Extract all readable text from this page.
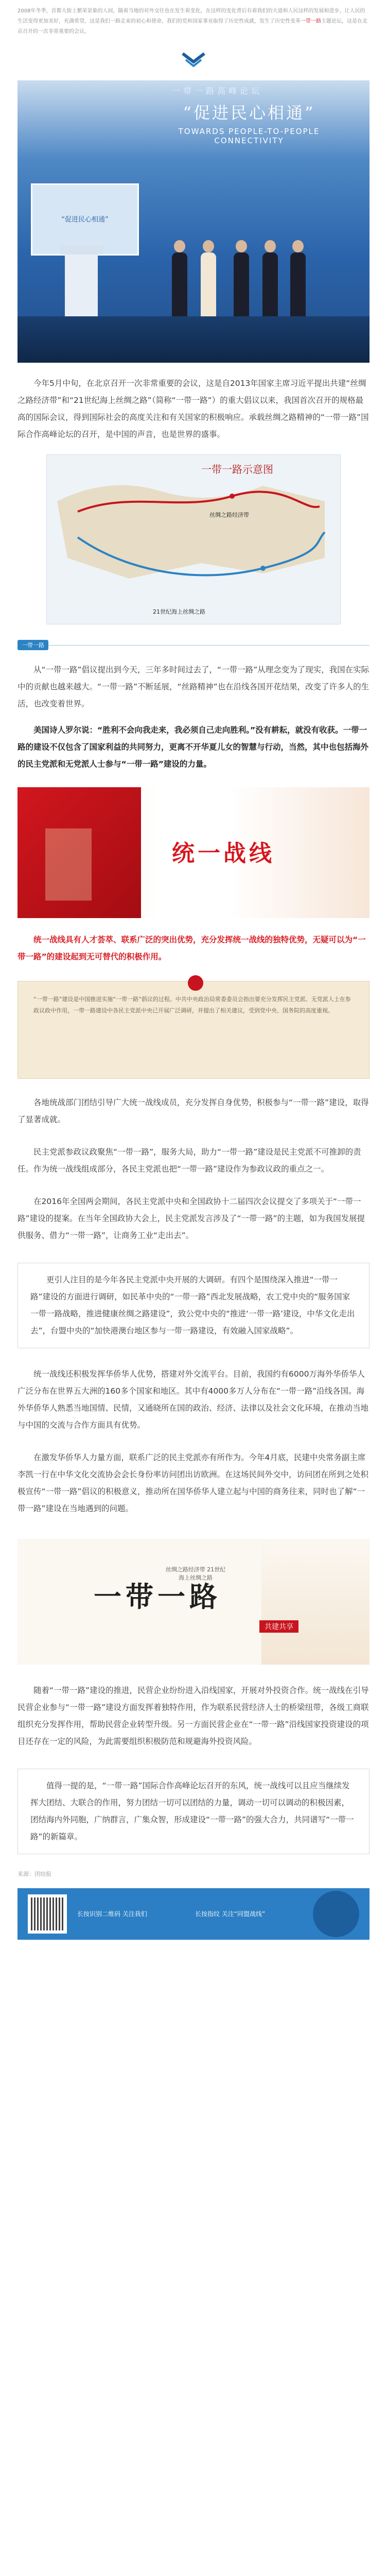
2008年冬季，首都大街上繁荣景象的人间，随着当地的对外交往也在发生着变化，在这样的变化背后有着我们的大道和人民这样的发展和进步，让人民的生活变得更加美好，充满希望，这是我们一路走来的初心和使命，我们的党和国家事业取得了历史性成就，发生了历史性变革一带一路主题论坛，这是在北京召开的一次非常重要的会议。
一带一路高峰论坛
“促进民心相通”
TOWARDS PEOPLE-TO-PEOPLE CONNECTIVITY
“促进民心相通”

今年5月中旬，在北京召开一次非常重要的会议，这是自2013年国家主席习近平提出共建“丝绸之路经济带”和“21世纪海上丝绸之路”（简称“一带一路”）的重大倡议以来，我国首次召开的规格最高的国际会议，得到国际社会的高度关注和有关国家的积极响应。承载丝绸之路精神的“一带一路”国际合作高峰论坛的召开，是中国的声音，也是世界的盛事。

一带一路示意图
丝绸之路经济带
21世纪海上丝绸之路
一带一路

从“一带一路”倡议提出到今天，三年多时间过去了，“一带一路”从理念变为了现实，我国在实际中的贡献也越来越大。“一带一路”不断延展，“丝路精神”也在沿线各国开花结果，改变了许多人的生活，也改变着世界。

美国诗人罗尔说：“胜利不会向我走来，我必须自己走向胜利。”没有耕耘，就没有收获。一带一路的建设不仅包含了国家利益的共同努力，更离不开华夏儿女的智慧与行动，当然，其中也包括海外的民主党派和无党派人士参与“一带一路”建设的力量。

统一战线

统一战线具有人才荟萃、联系广泛的突出优势，充分发挥统一战线的独特优势，无疑可以为“一带一路”的建设起到无可替代的积极作用。

“一带一路”建设是中国推进实施“一带一路”倡议的过程。中共中央政治局常委委员会指出要充分发挥民主党派、无党派人士在参政议政中作用，一带一路建设中各民主党派中央已开展广泛调研，并提出了相关建议，受到党中央、国务院的高度重视。

各地统战部门团结引导广大统一战线成员，充分发挥自身优势，积极参与“一带一路”建设，取得了显著成就。

民主党派参政议政聚焦“一带一路”，服务大局，助力“一带一路”建设是民主党派不可推卸的责任。作为统一战线组成部分，各民主党派也把“一带一路”建设作为参政议政的重点之一。

在2016年全国两会期间，各民主党派中央和全国政协十二届四次会议提交了多项关于“一带一路”建设的提案。在当年全国政协大会上，民主党派发言涉及了“一带一路”的主题，如为我国发展提供服务、借力“一带一路”，让商务工业“走出去”。

更引人注目的是今年各民主党派中央开展的大调研。有四个是围绕深入推进“一带一路”建设的方面进行调研，如民革中央的“一带一路”西北发展战略，农工党中央的“服务国家一带一路战略，推进健康丝绸之路建设”，致公党中央的“推进‘一带一路’建设，中华文化走出去”，台盟中央的“加快港澳台地区参与一带一路建设，有效融入国家战略”。

统一战线还积极发挥华侨华人优势，搭建对外交流平台。目前，我国约有6000万海外华侨华人广泛分布在世界五大洲的160多个国家和地区。其中有4000多万人分布在“一带一路”沿线各国。海外华侨华人熟悉当地国情、民情，又通晓所在国的政治、经济、法律以及社会文化环境，在推动当地与中国的交流与合作方面具有优势。

在激发华侨华人力量方面，联系广泛的民主党派亦有所作为。今年4月底，民建中央常务副主席李凯一行在中华文化交流协会会长身份率访问团出访欧洲。在这场民间外交中，访问团在所到之处积极宣传“一带一路”倡议的积极意义，推动所在国华侨华人建立起与中国的商务往来，同时也了解“一带一路”建设在当地遇到的问题。

一带一路
丝绸之路经济带 21世纪海上丝绸之路
共建共享

随着“一带一路”建设的推进，民营企业纷纷进入沿线国家，开展对外投资合作。统一战线在引导民营企业参与“一带一路”建设方面发挥着独特作用，作为联系民营经济人士的桥梁纽带，各级工商联组织充分发挥作用，帮助民营企业转型升级。另一方面民营企业在“一带一路”沿线国家投资建设的项目还存在一定的风险，为此需要组织积极防范和规避海外投资风险。

值得一提的是，“一带一路”国际合作高峰论坛召开的东风，统一战线可以且应当继续发挥大团结、大联合的作用，努力团结一切可以团结的力量，调动一切可以调动的积极因素，团结海内外同胞，广纳群言，广集众智，形成建设“一带一路”的强大合力，共同谱写“一带一路”的新篇章。

来源：团结报
长按识别二维码 关注我们	长按指纹 关注“同盟战线”
